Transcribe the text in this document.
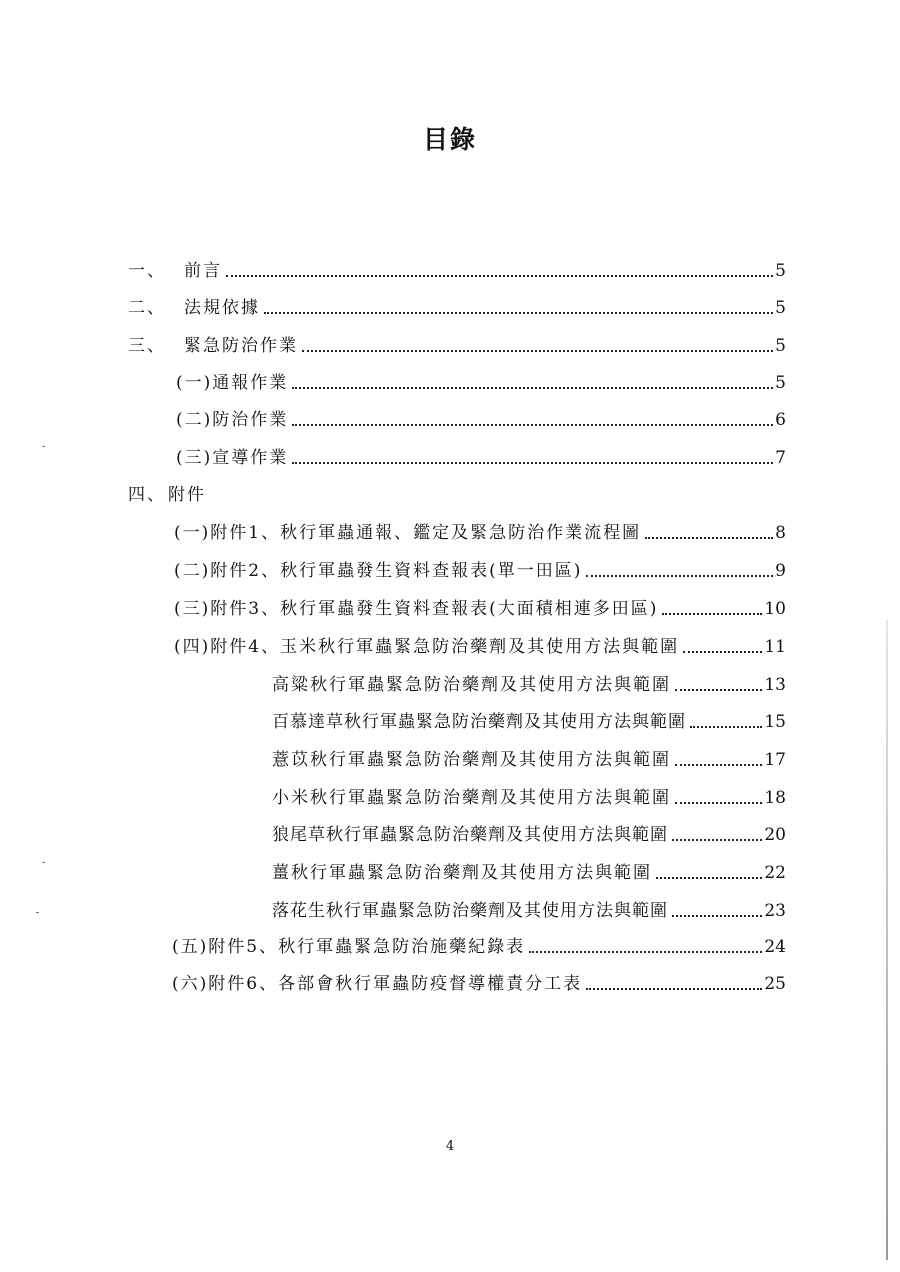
目錄
一、	前言	5
二、	法規依據	5
三、	緊急防治作業	5
(一)通報作業	5
(二)防治作業	6
(三)宣導作業	7
四、 附件
(一)附件1、秋行軍蟲通報、鑑定及緊急防治作業流程圖	8
(二)附件2、秋行軍蟲發生資料查報表(單一田區)	9
(三)附件3、秋行軍蟲發生資料查報表(大面積相連多田區)	10
(四)附件4、玉米秋行軍蟲緊急防治藥劑及其使用方法與範圍	11
高粱秋行軍蟲緊急防治藥劑及其使用方法與範圍	13
百慕達草秋行軍蟲緊急防治藥劑及其使用方法與範圍	15
薏苡秋行軍蟲緊急防治藥劑及其使用方法與範圍	17
小米秋行軍蟲緊急防治藥劑及其使用方法與範圍	18
狼尾草秋行軍蟲緊急防治藥劑及其使用方法與範圍	20
薑秋行軍蟲緊急防治藥劑及其使用方法與範圍	22
落花生秋行軍蟲緊急防治藥劑及其使用方法與範圍	23
(五)附件5、秋行軍蟲緊急防治施藥紀錄表	24
(六)附件6、各部會秋行軍蟲防疫督導權責分工表	25
4
